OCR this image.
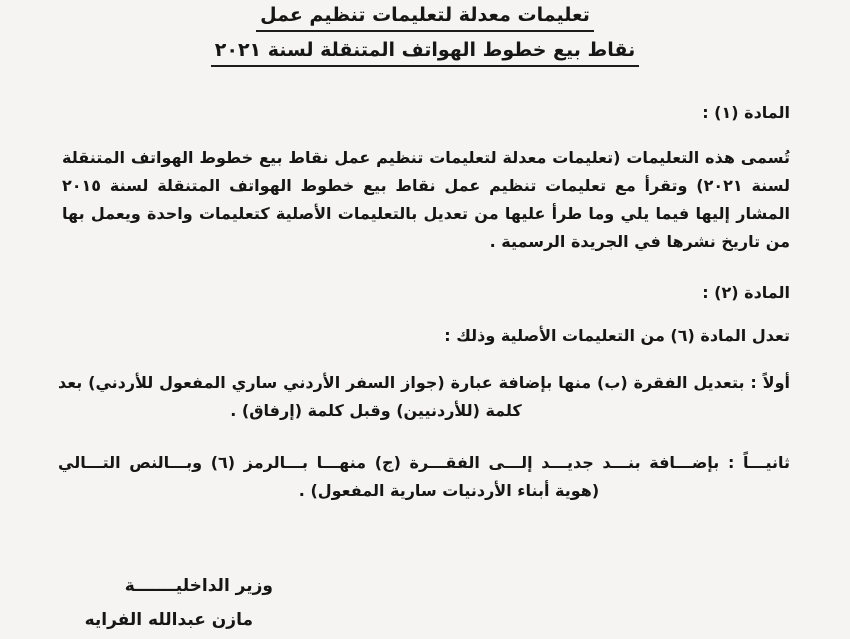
تعليمات معدلة لتعليمات تنظيم عمل
نقاط بيع خطوط الهواتف المتنقلة لسنة ٢٠٢١
المادة (١) :
تُسمى هذه التعليمات (تعليمات معدلة لتعليمات تنظيم عمل نقاط بيع خطوط الهواتف المتنقلة
لسنة ٢٠٢١) وتقرأ مع تعليمات تنظيم عمل نقاط بيع خطوط الهواتف المتنقلة لسنة ٢٠١٥
المشار إليها فيما يلي وما طرأ عليها من تعديل بالتعليمات الأصلية كتعليمات واحدة ويعمل بها
من تاريخ نشرها في الجريدة الرسمية .
المادة (٢) :
تعدل المادة (٦) من التعليمات الأصلية وذلك :
أولاً : بتعديل الفقرة (ب) منها بإضافة عبارة (جواز السفر الأردني ساري المفعول للأردني) بعد
كلمة (للأردنيين) وقبل كلمة (إرفاق) .
ثانيـــاً : بإضـــافة بنـــد جديـــد إلـــى الفقـــرة (ج) منهـــا بـــالرمز (٦) وبـــالنص التـــالي
(هوية أبناء الأردنيات سارية المفعول) .
وزير الداخليـــــــة
مازن عبدالله الفرايه
